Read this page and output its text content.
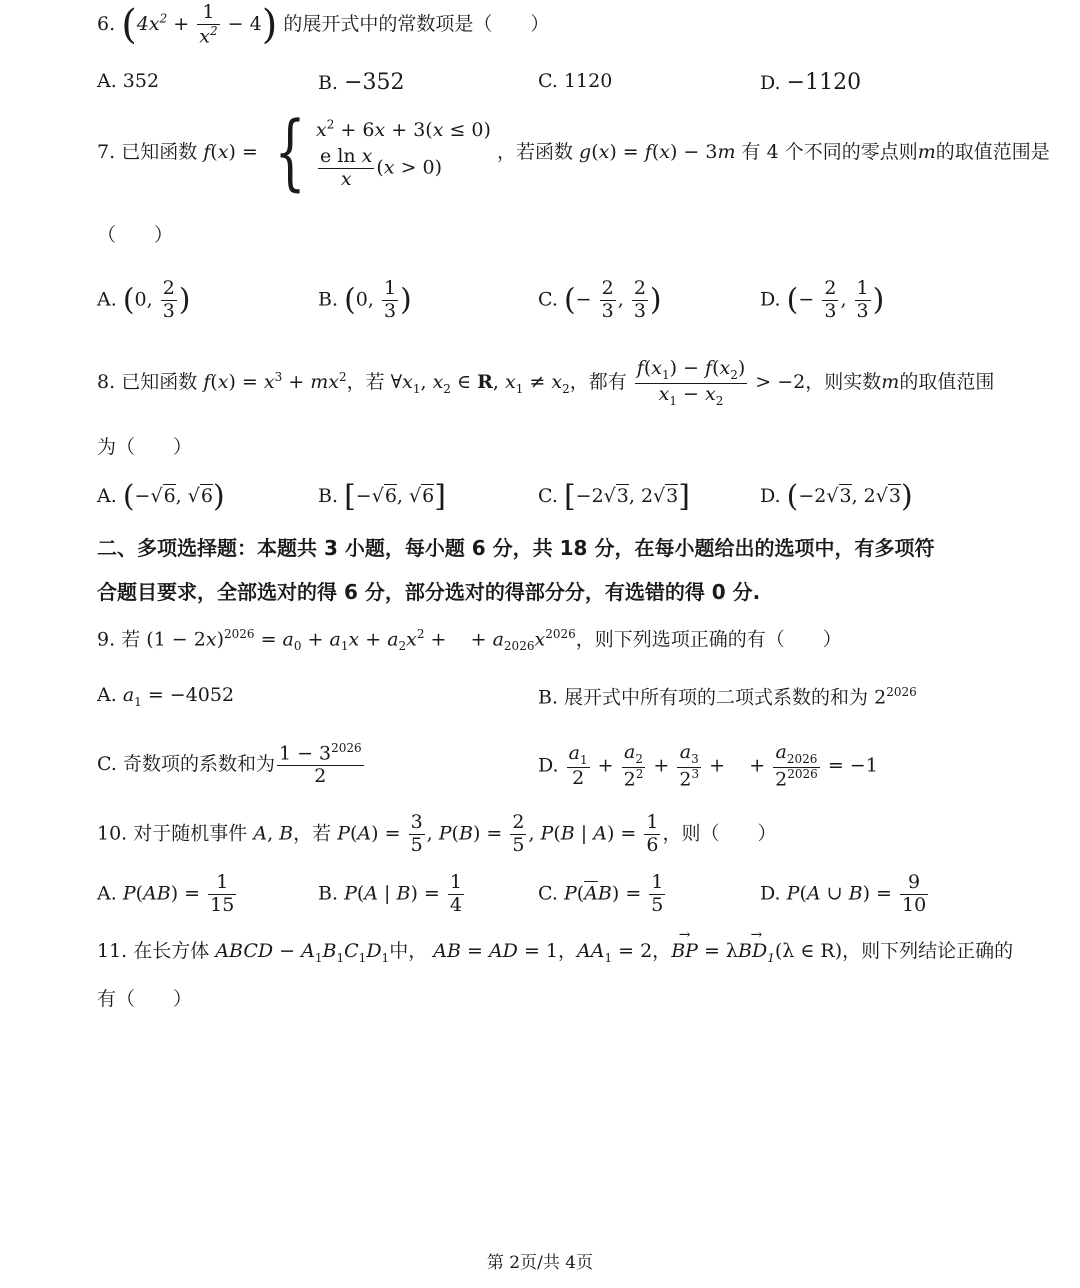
6. $(4x^2 + \frac{1}{x^2} - 4)$ 的展开式中的常数项是（　　）
A. 352	B. −352	C. 1120	D. −1120
7. 已知函数 f(x) = { $x^2 + 6x + 3(x \le 0)$

$\frac{\text{e ln x}}{x} (x > 0)$ ，若函数 g(x) = f(x) − 3m 有 4 个不同的零点则m的取值范围是
（　　）
A. (0, $\frac{2}{3}$ )	B. (0, $\frac{1}{3}$ )	C. (− $\frac{2}{3}$ , $\frac{2}{3}$ )	D. (− $\frac{2}{3}$ , $\frac{1}{3}$ )
8. 已知函数 $f(x) = x^3 + mx^2$，若 $\forall x_1$, $x_2$ ∈ R, $x_1 \ne x_2$，都有 $\frac{f(x_1) - f(x_2)}{x_1 - x_2} > -2$，则实数m的取值范围
为（　　）
A. (−√6, √6)	B. [−√6, √6]	C. [−2√3, 2√3]	D. (−2√3, 2√3)
二、多项选择题：本题共 3 小题，每小题 6 分，共 18 分，在每小题给出的选项中，有多项符
合题目要求，全部选对的得 6 分，部分选对的得部分分，有选错的得 0 分.
9. 若 $(1 - 2x)^{2026} = a_0 + a_1x + a_2x^2$ +    + $a_{2026}x^{2026}$，则下列选项正确的有（　　）
A. $a_1 = -4052$	B. 展开式中所有项的二项式系数的和为 $2^{2026}$
C. 奇数项的系数和为 $\frac{1 - 3^{2026}}{2}$	D. $\frac{a_1}{2} + \frac{a_2}{2^2} + \frac{a_3}{2^3}$ +    + $\frac{a_{2026}}{2^{2026}} = -1$
10. 对于随机事件 A, B，若 $P(A) = \frac{3}{5}$ , $P(B) = \frac{2}{5}$ , P(B | $A) = \frac{1}{6}$ ，则（　　）
A. $P(AB) = \frac{1}{15}$	B. P(A | $B) = \frac{1}{4}$	C. $P(\overline{A}B) = \frac{1}{5}$	D. P(A ∪ $B) = \frac{9}{10}$
11. 在长方体 ABCD − $A_1B_1C_1D_1$中， AB = AD = 1，$AA_1 = 2$，→ BP = $\lambda\to BD_1(\lambda$ ∈ R)，则下列结论正确的
有（　　）
第 2页/共 4页
